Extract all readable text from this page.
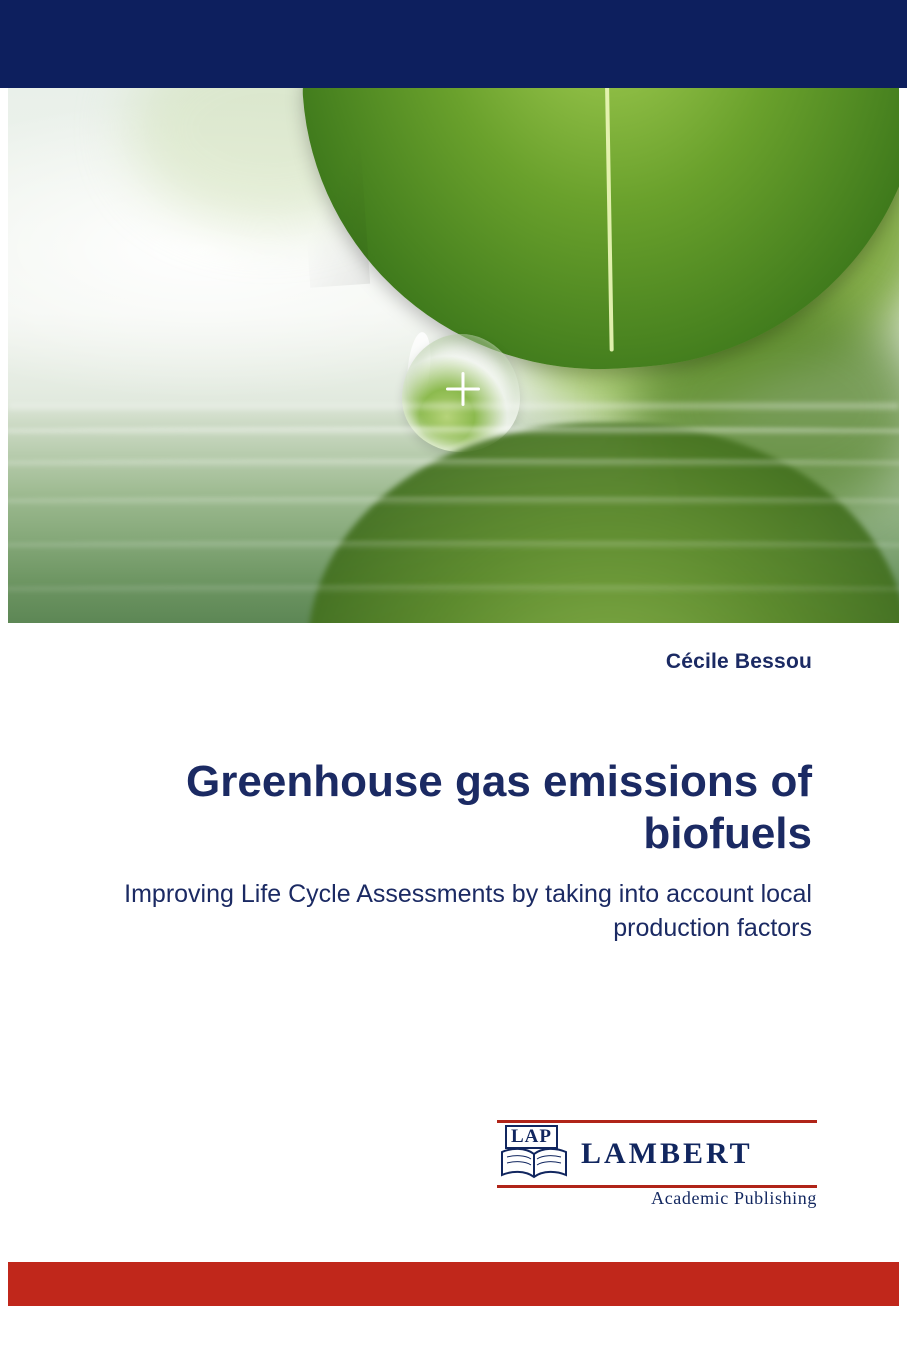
Cécile Bessou
Greenhouse gas emissions of biofuels

Improving Life Cycle Assessments by taking into account local production factors

LAP
LAMBERT
Academic Publishing
